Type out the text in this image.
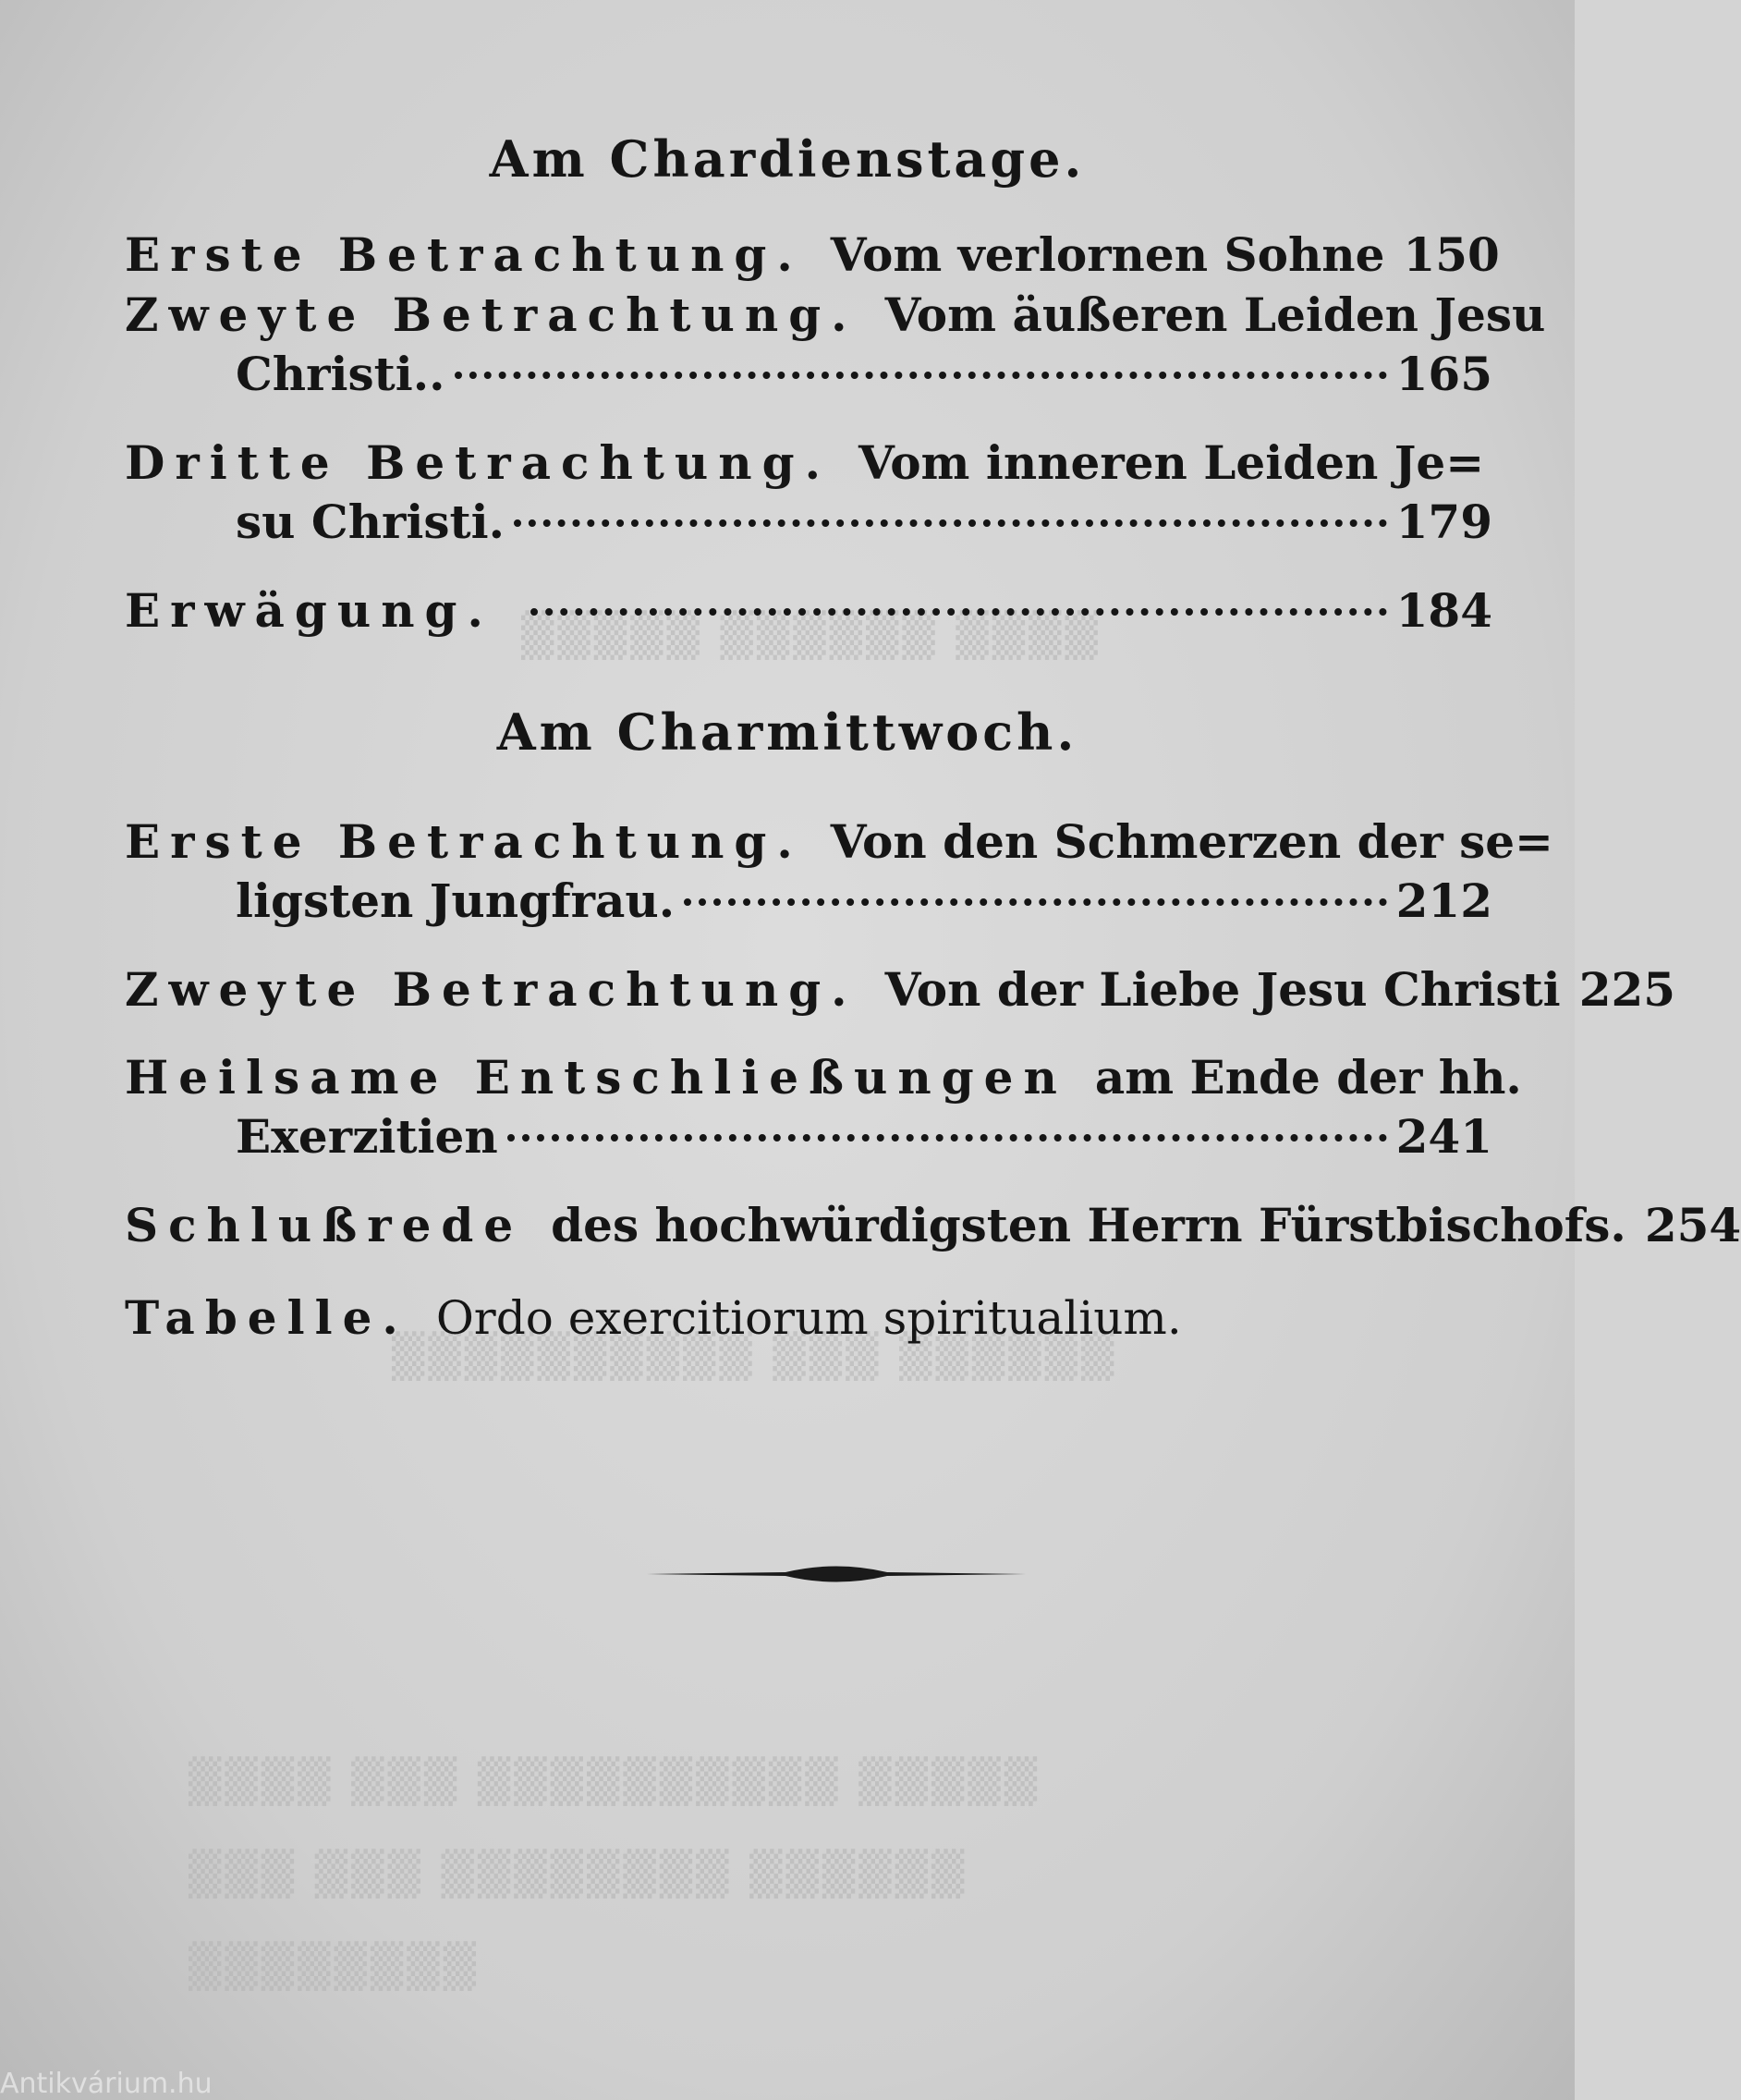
▒▒▒▒ ▒▒▒▒▒▒ ▒▒▒▒▒
▒▒▒▒▒▒ ▒▒▒ ▒▒▒▒▒▒▒▒▒▒
▒▒▒▒▒ ▒▒▒▒▒▒▒▒▒▒ ▒▒▒ ▒▒▒▒
▒▒▒▒▒▒ ▒▒▒▒▒▒▒▒ ▒▒▒ ▒▒▒
▒▒▒▒▒▒▒▒
Am Chardienstage.
Erste Betrachtung. Vom verlornen Sohne 150
Zweyte Betrachtung. Vom äußeren Leiden Jesu
Christi..	165
Dritte Betrachtung. Vom inneren Leiden Je=
su Christi.	179
Erwägung.	184
Am Charmittwoch.
Erste Betrachtung. Von den Schmerzen der se=
ligsten Jungfrau.	212
Zweyte Betrachtung. Von der Liebe Jesu Christi 225
Heilsame Entschließungen am Ende der hh.
Exerzitien	241
Schlußrede des hochwürdigsten Herrn Fürstbischofs. 254
Tabelle. Ordo exercitiorum spiritualium.
Antikvárium.hu
